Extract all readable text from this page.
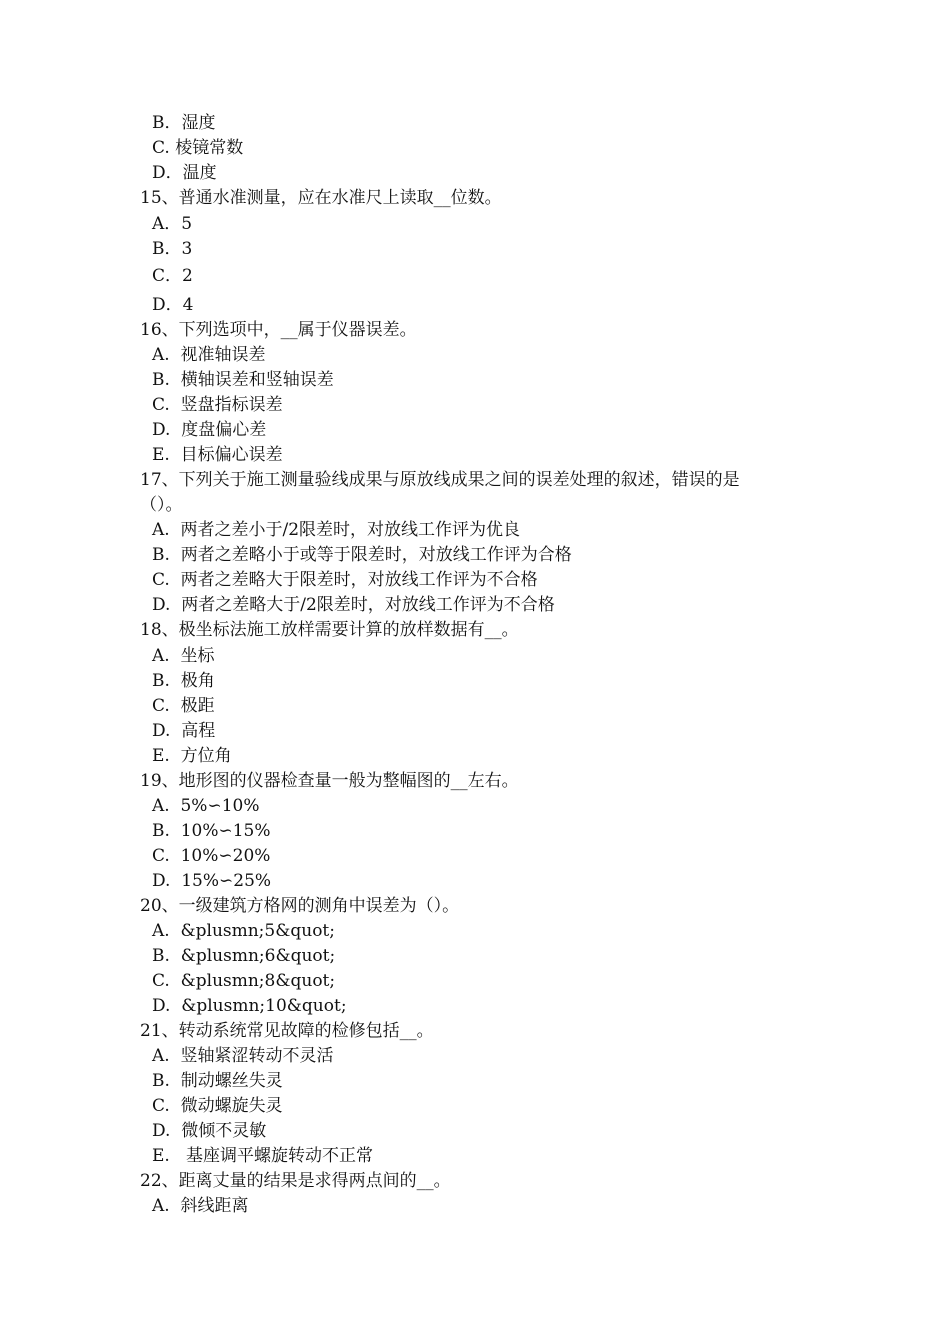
B．湿度
C. 棱镜常数
D．温度
15、普通水准测量，应在水准尺上读取__位数。
A．5
B．3
C．2
D．4
16、下列选项中，__属于仪器误差。
A.  视准轴误差
B.  横轴误差和竖轴误差
C.  竖盘指标误差
D.  度盘偏心差
E.  目标偏心误差
17、下列关于施工测量验线成果与原放线成果之间的误差处理的叙述，错误的是
（）。
A.  两者之差小于/2限差时，对放线工作评为优良
B.  两者之差略小于或等于限差时，对放线工作评为合格
C.  两者之差略大于限差时，对放线工作评为不合格
D.  两者之差略大于/2限差时，对放线工作评为不合格
18、极坐标法施工放样需要计算的放样数据有__。
A.  坐标
B.  极角
C.  极距
D.  高程
E.  方位角
19、地形图的仪器检查量一般为整幅图的__左右。
A.  5%∽10%
B.  10%∽15%
C.  10%∽20%
D.  15%∽25%
20、一级建筑方格网的测角中误差为（）。
A.  &plusmn;5&quot;
B.  &plusmn;6&quot;
C.  &plusmn;8&quot;
D.  &plusmn;10&quot;
21、转动系统常见故障的检修包括__。
A.  竖轴紧涩转动不灵活
B.  制动螺丝失灵
C.  微动螺旋失灵
D.  微倾不灵敏
E.   基座调平螺旋转动不正常
22、距离丈量的结果是求得两点间的__。
A.  斜线距离
